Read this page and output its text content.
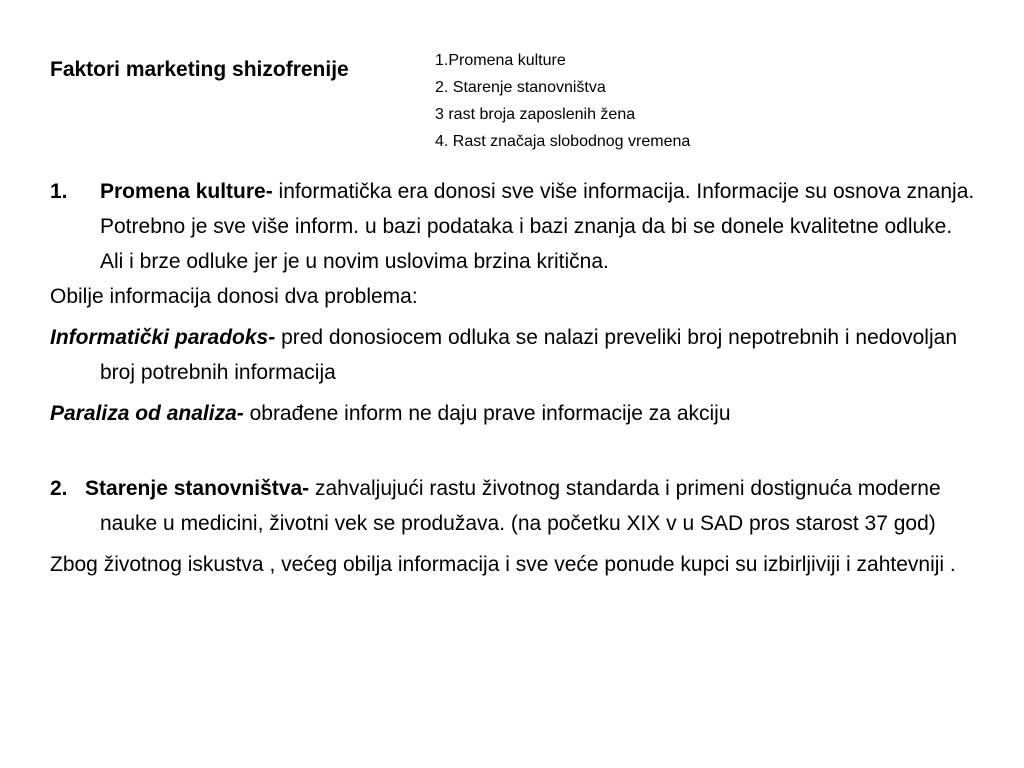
Faktori marketing shizofrenije	1.Promena kulture
2. Starenje stanovništva
3 rast broja zaposlenih žena
4. Rast značaja slobodnog vremena
1. Promena kulture- informatička era donosi sve više informacija. Informacije su osnova znanja. Potrebno je sve više inform. u bazi podataka i bazi znanja da bi se donele kvalitetne odluke. Ali i brze odluke jer je u novim uslovima brzina kritična.

Obilje informacija donosi dva problema:

Informatički paradoks- pred donosiocem odluka se nalazi preveliki broj nepotrebnih i nedovoljan broj potrebnih informacija

Paraliza od analiza- obrađene inform ne daju prave informacije za akciju

2. Starenje stanovništva- zahvaljujući rastu životnog standarda i primeni dostignuća moderne nauke u medicini, životni vek se produžava. (na početku XIX v u SAD pros starost 37 god)

Zbog životnog iskustva , većeg obilja informacija i sve veće ponude kupci su izbirljiviji i zahtevniji .
